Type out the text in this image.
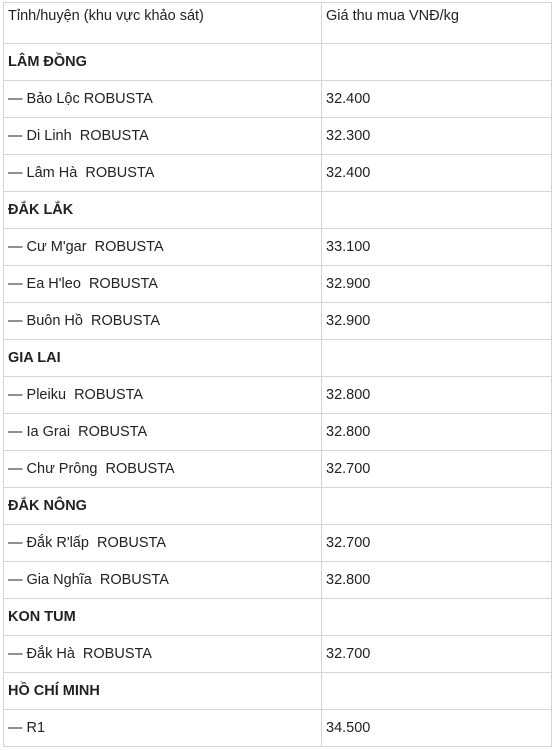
Tỉnh/huyện (khu vực khảo sát)	Giá thu mua VNĐ/kg
LÂM ĐỒNG	
— Bảo Lộc ROBUSTA	32.400
— Di Linh  ROBUSTA	32.300
— Lâm Hà  ROBUSTA	32.400
ĐẮK LẮK	
— Cư M'gar  ROBUSTA	33.100
— Ea H'leo  ROBUSTA	32.900
— Buôn Hồ  ROBUSTA	32.900
GIA LAI	
— Pleiku  ROBUSTA	32.800
— Ia Grai  ROBUSTA	32.800
— Chư Prông  ROBUSTA	32.700
ĐẮK NÔNG	
— Đắk R'lấp  ROBUSTA	32.700
— Gia Nghĩa  ROBUSTA	32.800
KON TUM	
— Đắk Hà  ROBUSTA	32.700
HỒ CHÍ MINH	
— R1	34.500
